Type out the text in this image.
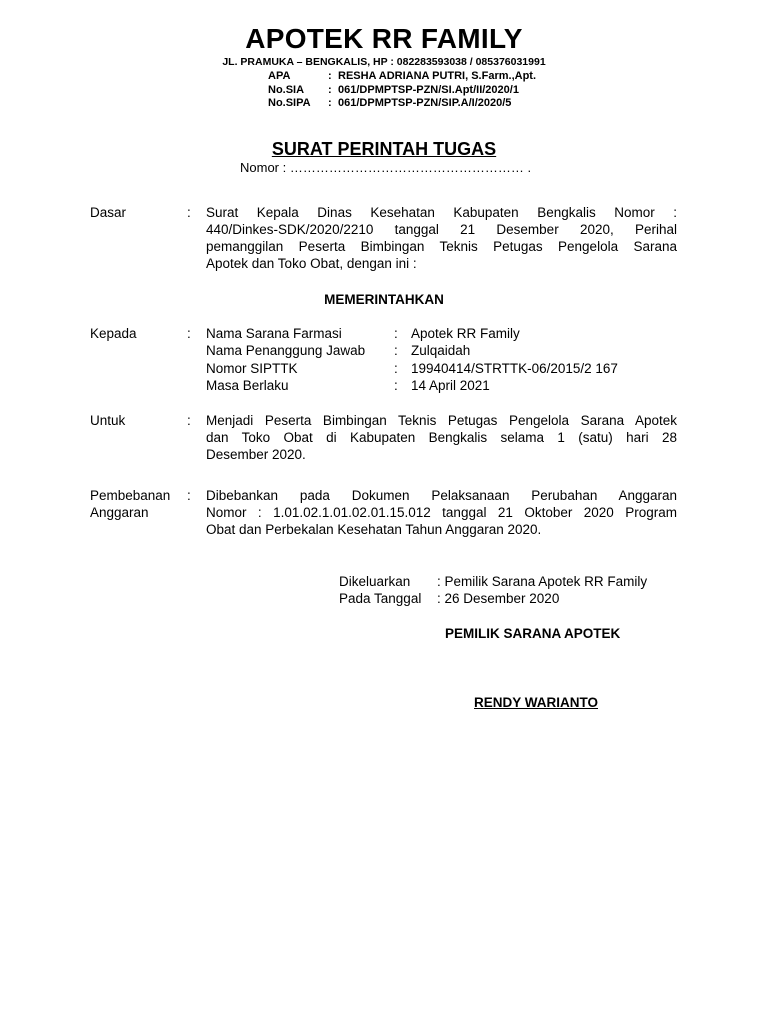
APOTEK RR FAMILY
JL. PRAMUKA – BENGKALIS, HP : 082283593038 / 085376031991
APA	: RESHA ADRIANA PUTRI, S.Farm.,Apt.
No.SIA : 061/DPMPTSP-PZN/SI.Apt/II/2020/1
No.SIPA : 061/DPMPTSP-PZN/SIP.A/I/2020/5
SURAT PERINTAH TUGAS
Nomor : ……………………………………………… .
Dasar	: Surat Kepala Dinas Kesehatan Kabupaten Bengkalis Nomor :
440/Dinkes-SDK/2020/2210 tanggal 21 Desember 2020, Perihal
pemanggilan Peserta Bimbingan Teknis Petugas Pengelola Sarana
Apotek dan Toko Obat, dengan ini :
MEMERINTAHKAN
Kepada	: Nama Sarana Farmasi	: Apotek RR Family
Nama Penanggung Jawab : Zulqaidah
Nomor SIPTTK	: 19940414/STRTTK-06/2015/2 167
Masa Berlaku	: 14 April 2021
Untuk	: Menjadi Peserta Bimbingan Teknis Petugas Pengelola Sarana Apotek
dan Toko Obat di Kabupaten Bengkalis selama 1 (satu) hari 28
Desember 2020.
Pembebanan
Anggaran
: Dibebankan pada Dokumen Pelaksanaan Perubahan Anggaran
Nomor : 1.01.02.1.01.02.01.15.012 tanggal 21 Oktober 2020 Program
Obat dan Perbekalan Kesehatan Tahun Anggaran 2020.
Dikeluarkan : Pemilik Sarana Apotek RR Family
Pada Tanggal : 26 Desember 2020
PEMILIK SARANA APOTEK
RENDY WARIANTO
